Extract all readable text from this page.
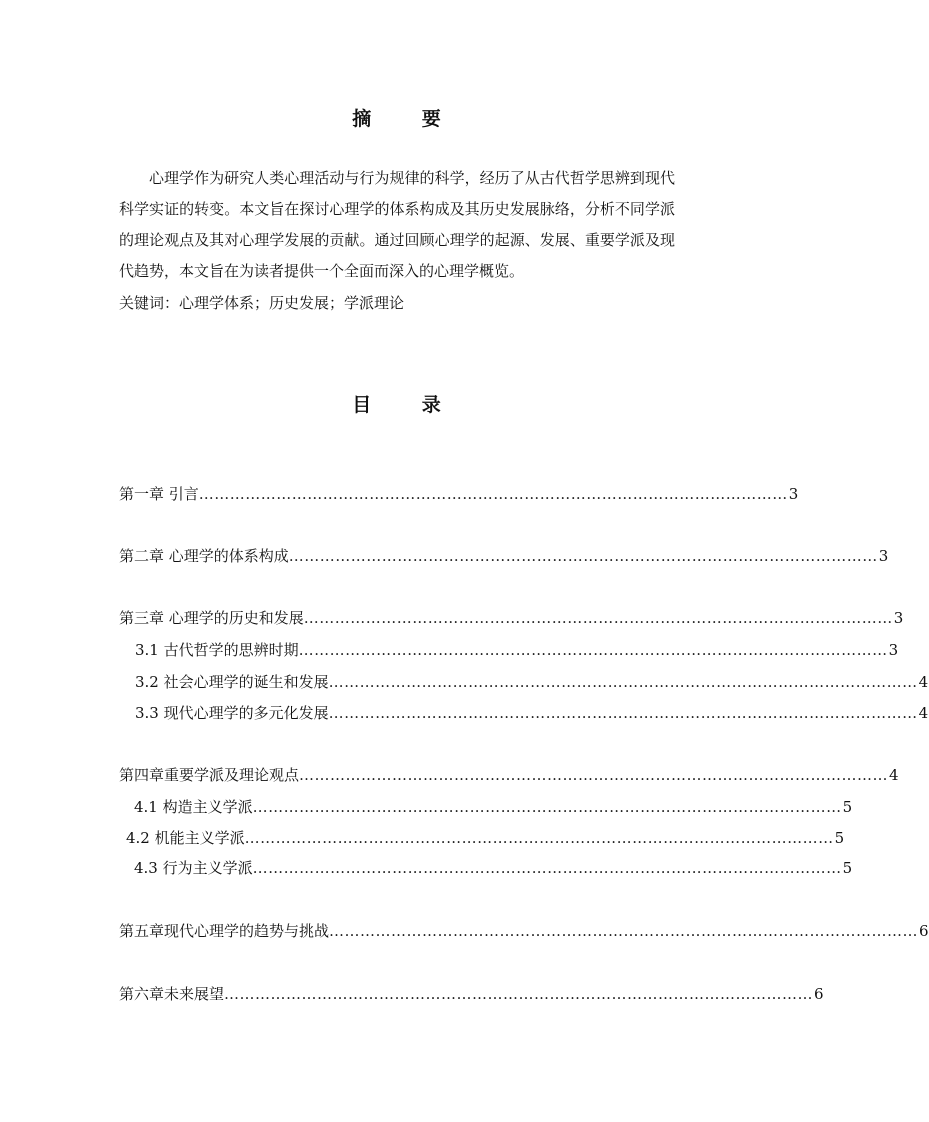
摘 要
心理学作为研究人类心理活动与行为规律的科学，经历了从古代哲学思辨到现代科学实证的转变。本文旨在探讨心理学的体系构成及其历史发展脉络，分析不同学派的理论观点及其对心理学发展的贡献。通过回顾心理学的起源、发展、重要学派及现代趋势，本文旨在为读者提供一个全面而深入的心理学概览。
关键词：心理学体系；历史发展；学派理论
目 录
第一章 引言 …………………………………………………………………………………………………… 3
第二章 心理学的体系构成 …………………………………………………………………………………………………… 3
第三章 心理学的历史和发展 …………………………………………………………………………………………………… 3
3.1 古代哲学的思辨时期 …………………………………………………………………………………………………… 3
3.2 社会心理学的诞生和发展 …………………………………………………………………………………………………… 4
3.3 现代心理学的多元化发展 …………………………………………………………………………………………………… 4
第四章重要学派及理论观点 …………………………………………………………………………………………………… 4
4.1 构造主义学派 …………………………………………………………………………………………………… 5
4.2 机能主义学派 …………………………………………………………………………………………………… 5
4.3 行为主义学派 …………………………………………………………………………………………………… 5
第五章现代心理学的趋势与挑战 …………………………………………………………………………………………………… 6
第六章未来展望 …………………………………………………………………………………………………… 6
